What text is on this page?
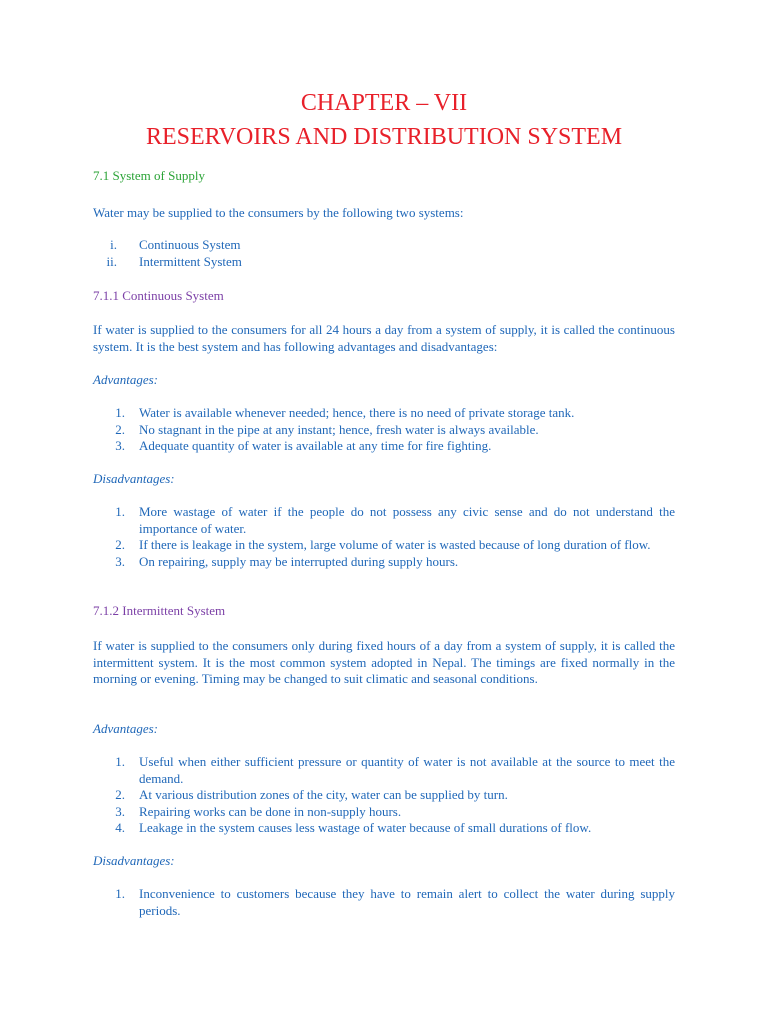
CHAPTER – VII
RESERVOIRS AND DISTRIBUTION SYSTEM
7.1 System of Supply
Water may be supplied to the consumers by the following two systems:
i. Continuous System
ii. Intermittent System
7.1.1 Continuous System
If water is supplied to the consumers for all 24 hours a day from a system of supply, it is called the continuous system. It is the best system and has following advantages and disadvantages:
Advantages:
1. Water is available whenever needed; hence, there is no need of private storage tank.
2. No stagnant in the pipe at any instant; hence, fresh water is always available.
3. Adequate quantity of water is available at any time for fire fighting.
Disadvantages:
1. More wastage of water if the people do not possess any civic sense and do not understand the importance of water.
2. If there is leakage in the system, large volume of water is wasted because of long duration of flow.
3. On repairing, supply may be interrupted during supply hours.
7.1.2 Intermittent System
If water is supplied to the consumers only during fixed hours of a day from a system of supply, it is called the intermittent system. It is the most common system adopted in Nepal. The timings are fixed normally in the morning or evening. Timing may be changed to suit climatic and seasonal conditions.
Advantages:
1. Useful when either sufficient pressure or quantity of water is not available at the source to meet the demand.
2. At various distribution zones of the city, water can be supplied by turn.
3. Repairing works can be done in non-supply hours.
4. Leakage in the system causes less wastage of water because of small durations of flow.
Disadvantages:
1. Inconvenience to customers because they have to remain alert to collect the water during supply periods.
